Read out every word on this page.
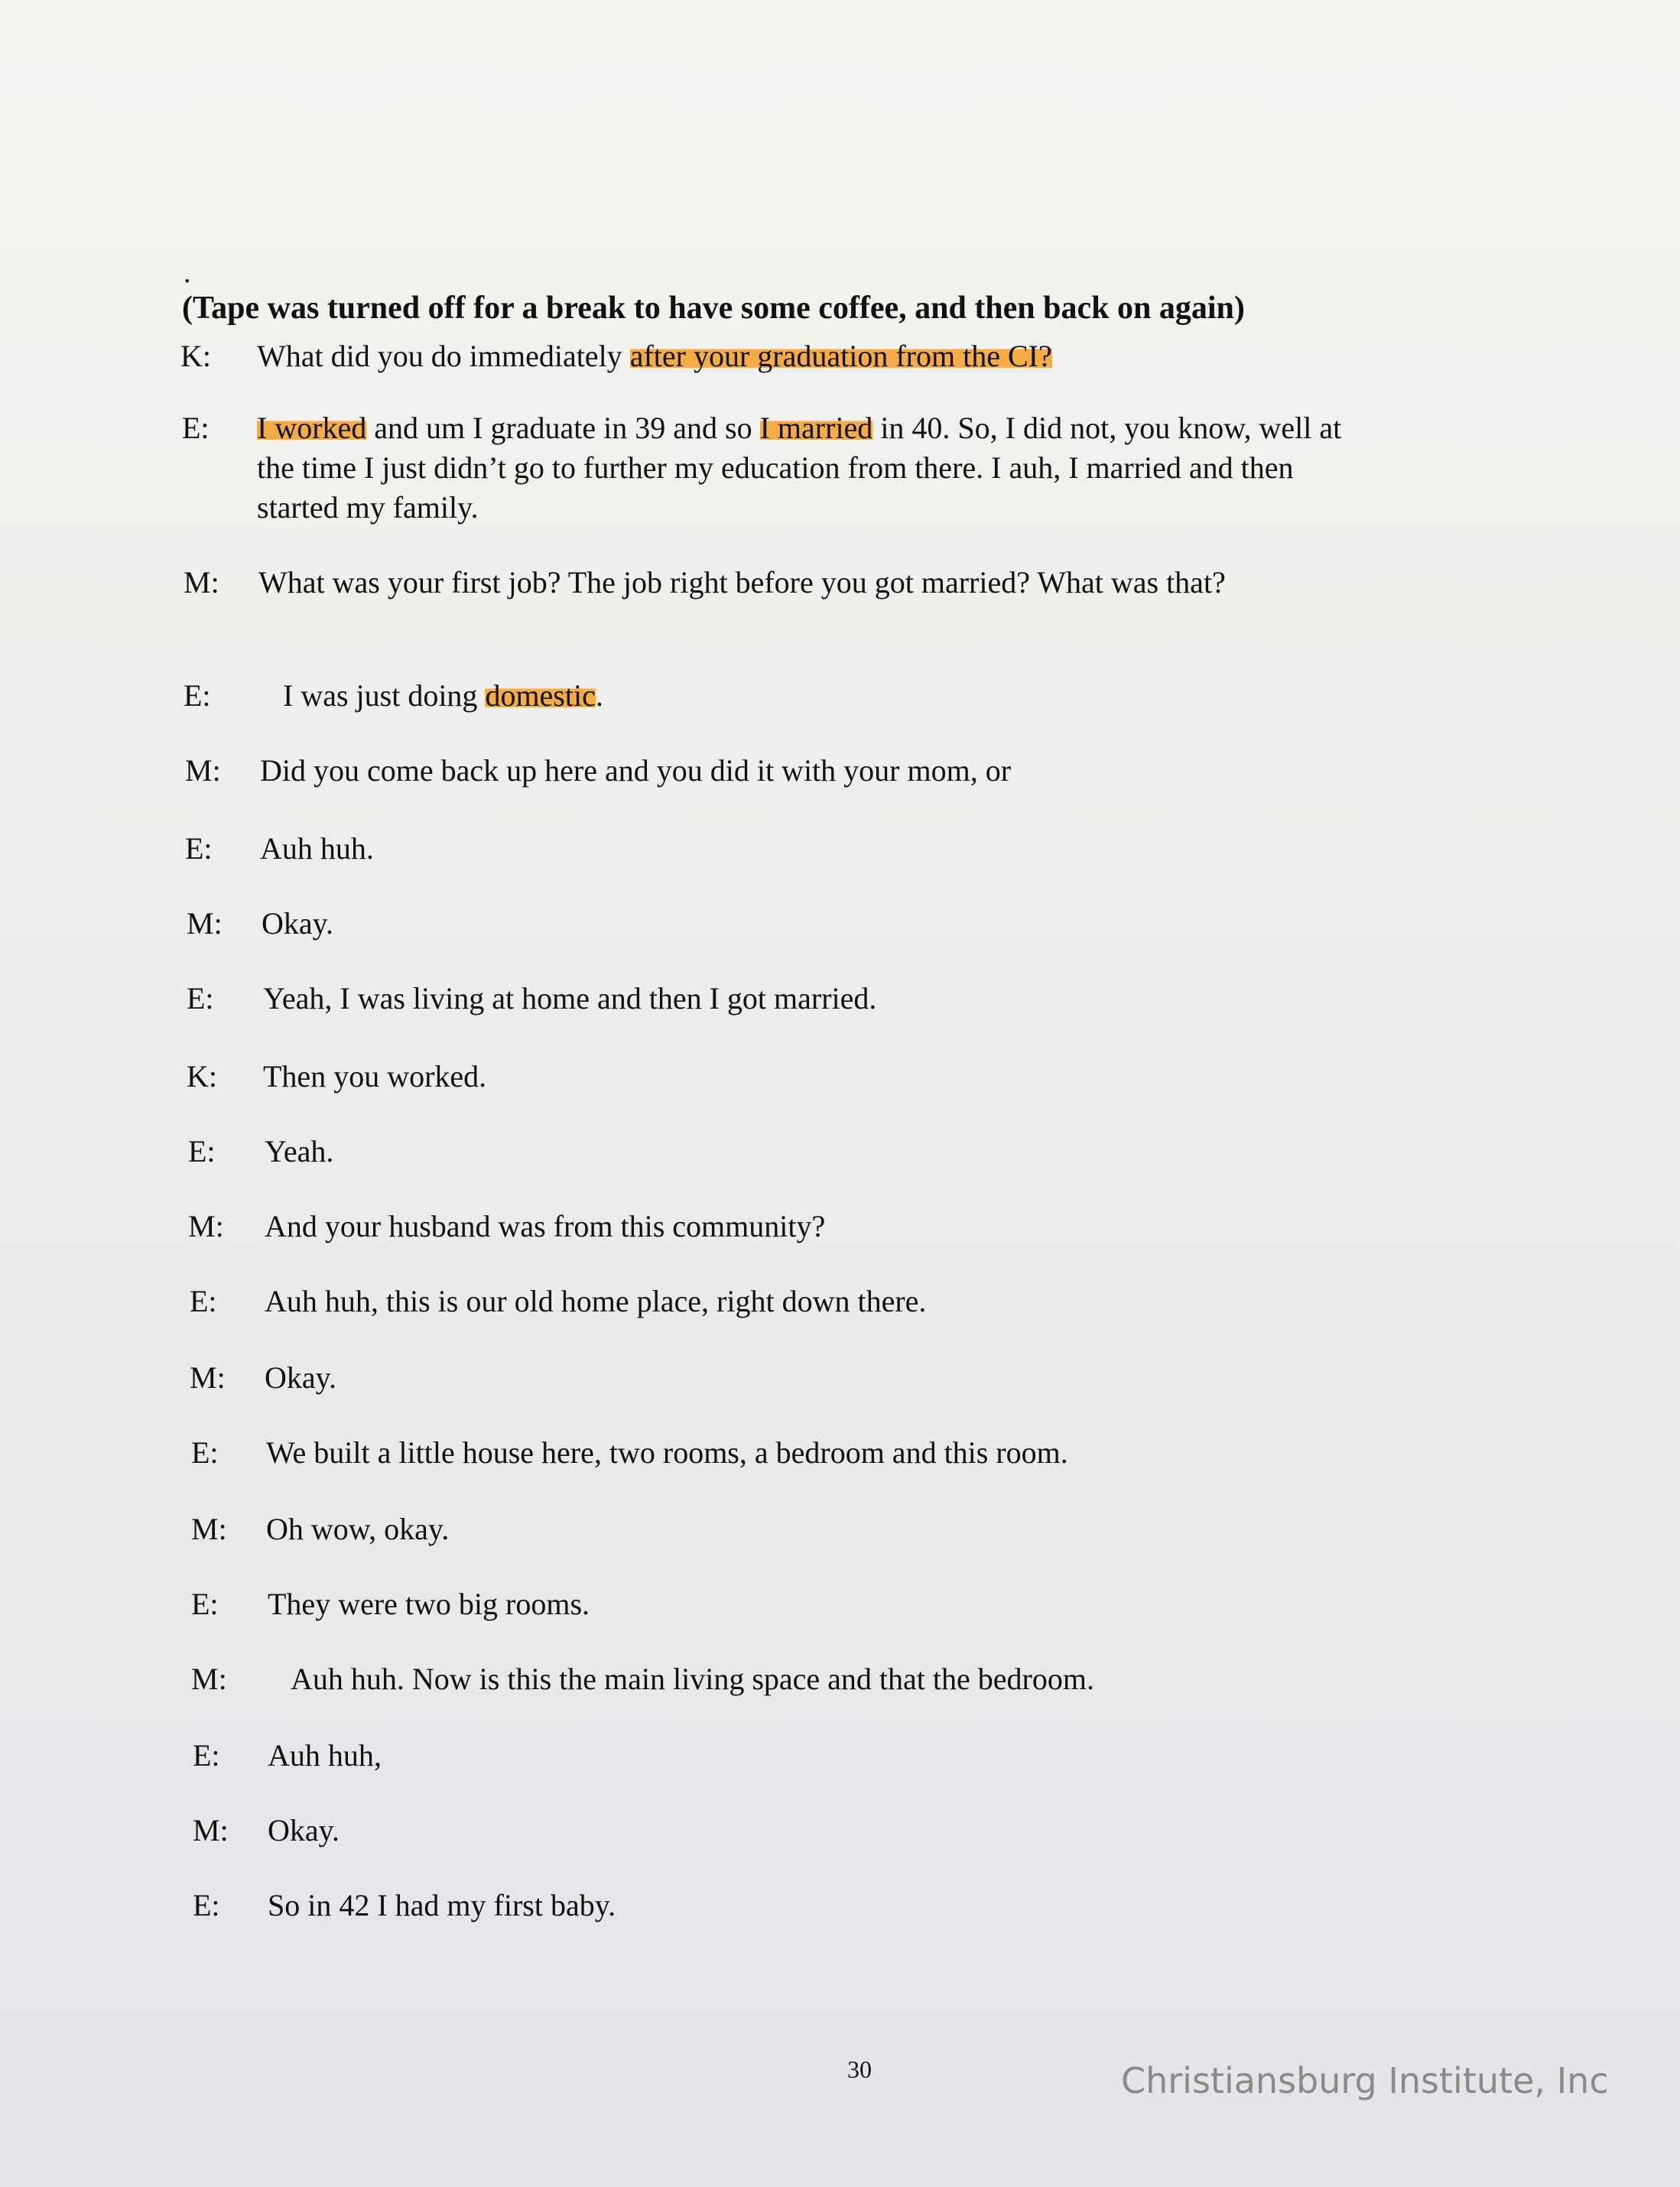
.
(Tape was turned off for a break to have some coffee, and then back on again)
K: What did you do immediately after your graduation from the CI?
E: I worked and um I graduate in 39 and so I married in 40. So, I did not, you know, well at
the time I just didn’t go to further my education from there. I auh, I married and then
started my family.
M: What was your first job? The job right before you got married? What was that?
E: I was just doing domestic.
M: Did you come back up here and you did it with your mom, or
E: Auh huh.
M: Okay.
E: Yeah, I was living at home and then I got married.
K: Then you worked.
E: Yeah.
M: And your husband was from this community?
E: Auh huh, this is our old home place, right down there.
M: Okay.
E: We built a little house here, two rooms, a bedroom and this room.
M: Oh wow, okay.
E: They were two big rooms.
M: Auh huh. Now is this the main living space and that the bedroom.
E: Auh huh,
M: Okay.
E: So in 42 I had my first baby.
30	Christiansburg Institute, Inc
